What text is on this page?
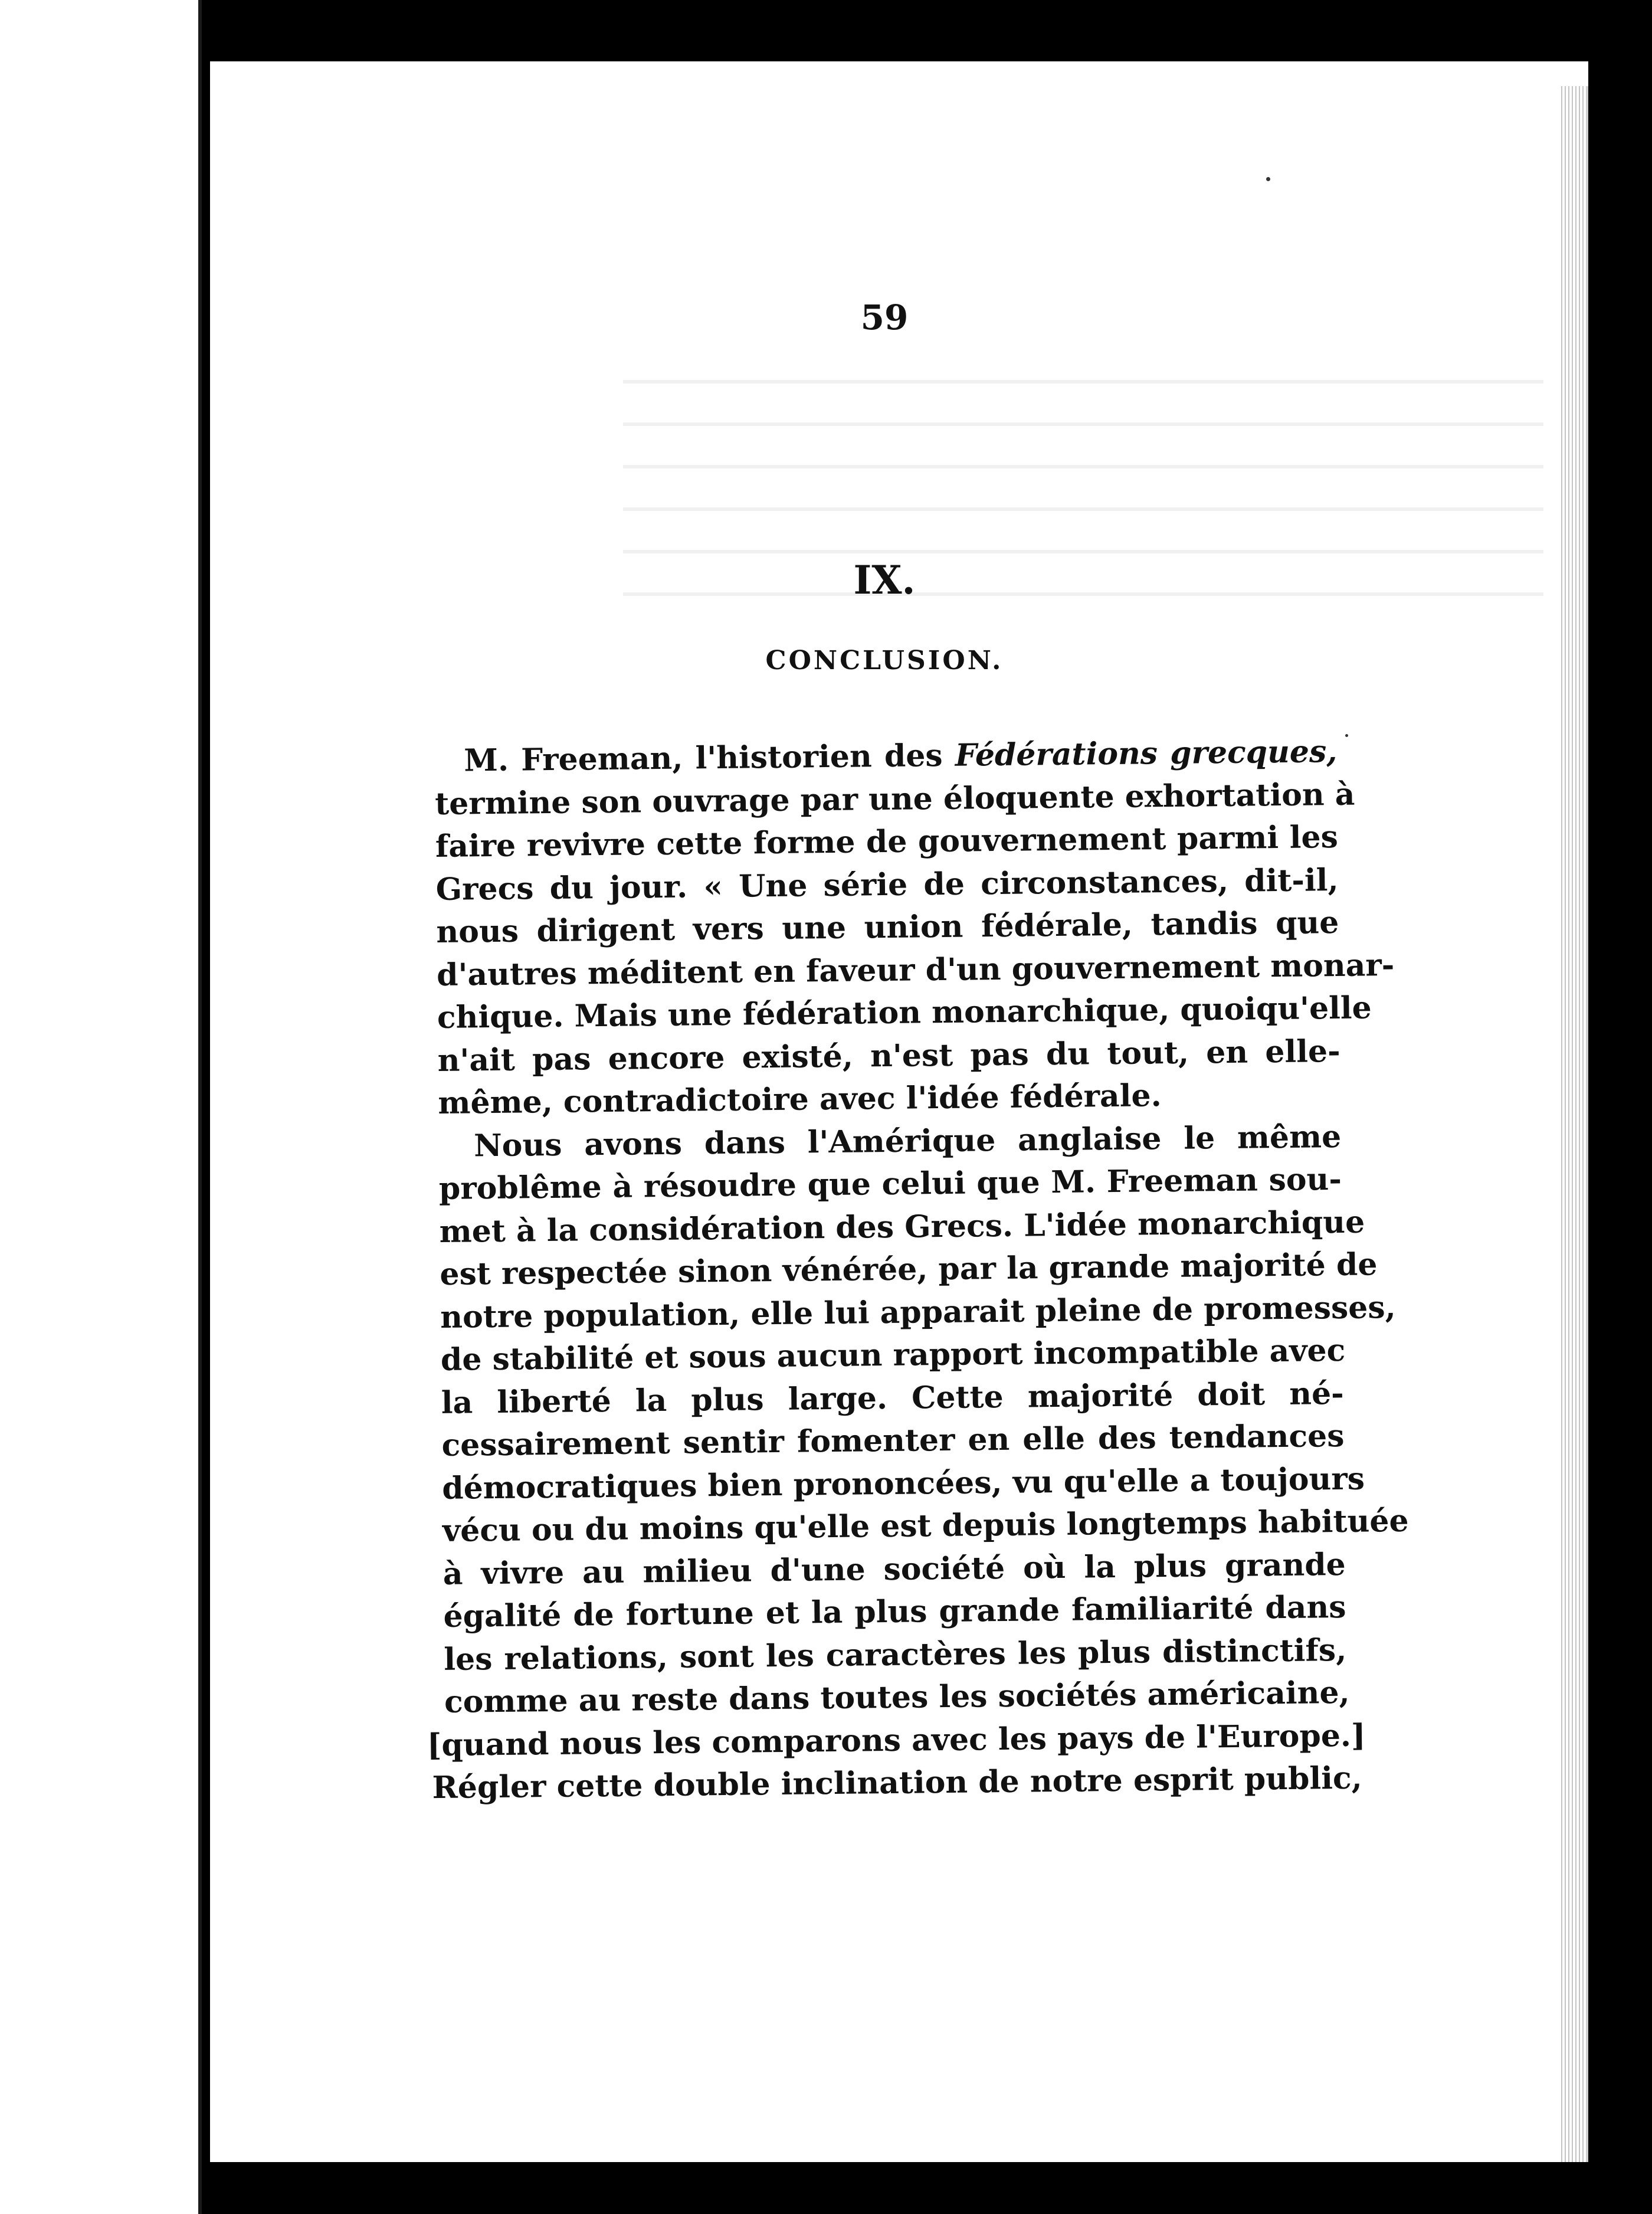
59
IX.
CONCLUSION.
M. Freeman, l'historien des Fédérations grecques,
termine son ouvrage par une éloquente exhortation à
faire revivre cette forme de gouvernement parmi les
Grecs du jour. « Une série de circonstances, dit-il,
nous dirigent vers une union fédérale, tandis que
d'autres méditent en faveur d'un gouvernement monar-
chique. Mais une fédération monarchique, quoiqu'elle
n'ait pas encore existé, n'est pas du tout, en elle-
même, contradictoire avec l'idée fédérale.
Nous avons dans l'Amérique anglaise le même
problême à résoudre que celui que M. Freeman sou-
met à la considération des Grecs. L'idée monarchique
est respectée sinon vénérée, par la grande majorité de
notre population, elle lui apparait pleine de promesses,
de stabilité et sous aucun rapport incompatible avec
la liberté la plus large. Cette majorité doit né-
cessairement sentir fomenter en elle des tendances
démocratiques bien prononcées, vu qu'elle a toujours
vécu ou du moins qu'elle est depuis longtemps habituée
à vivre au milieu d'une société où la plus grande
égalité de fortune et la plus grande familiarité dans
les relations, sont les caractères les plus distinctifs,
comme au reste dans toutes les sociétés américaine,
[quand nous les comparons avec les pays de l'Europe.]
Régler cette double inclination de notre esprit public,
